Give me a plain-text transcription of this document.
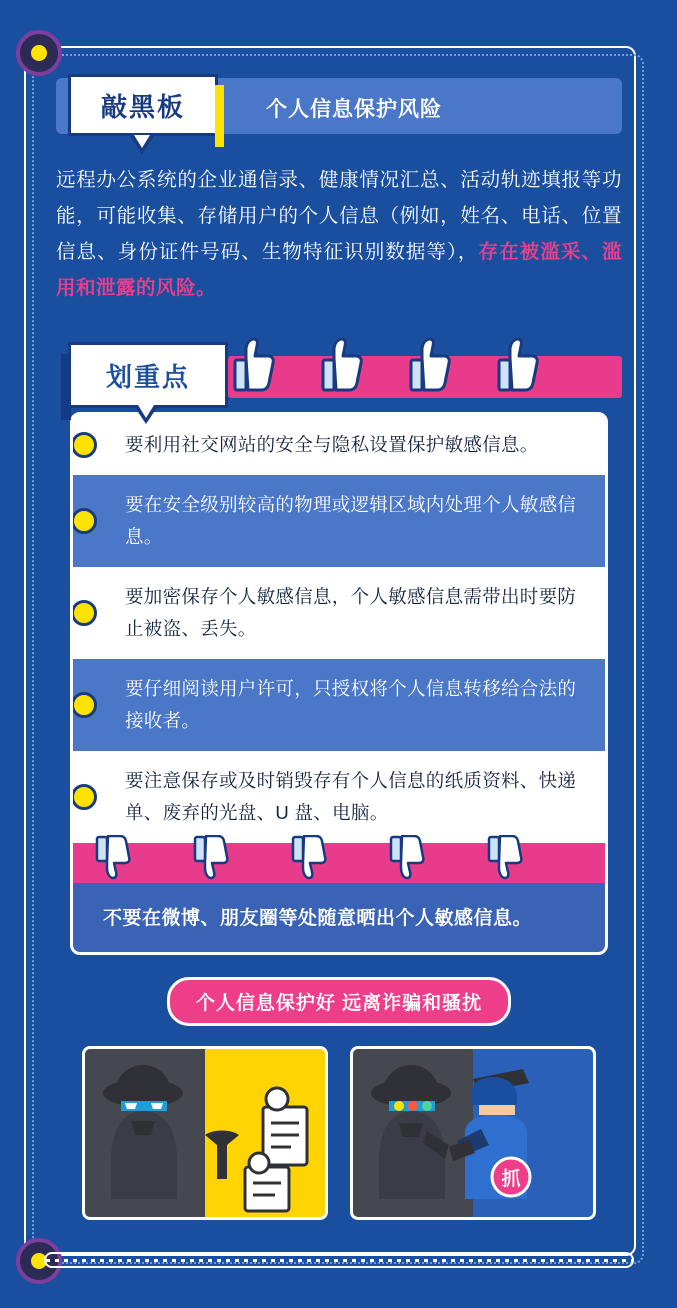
个人信息保护风险
敲黑板
远程办公系统的企业通信录、健康情况汇总、活动轨迹填报等功能，可能收集、存储用户的个人信息（例如，姓名、电话、位置信息、身份证件号码、生物特征识别数据等），存在被滥采、滥用和泄露的风险。
划重点
要利用社交网站的安全与隐私设置保护敏感信息。
要在安全级别较高的物理或逻辑区域内处理个人敏感信息。
要加密保存个人敏感信息，个人敏感信息需带出时要防止被盗、丢失。
要仔细阅读用户许可，只授权将个人信息转移给合法的接收者。
要注意保存或及时销毁存有个人信息的纸质资料、快递单、废弃的光盘、U 盘、电脑。
不要在微博、朋友圈等处随意晒出个人敏感信息。
个人信息保护好 远离诈骗和骚扰
抓
